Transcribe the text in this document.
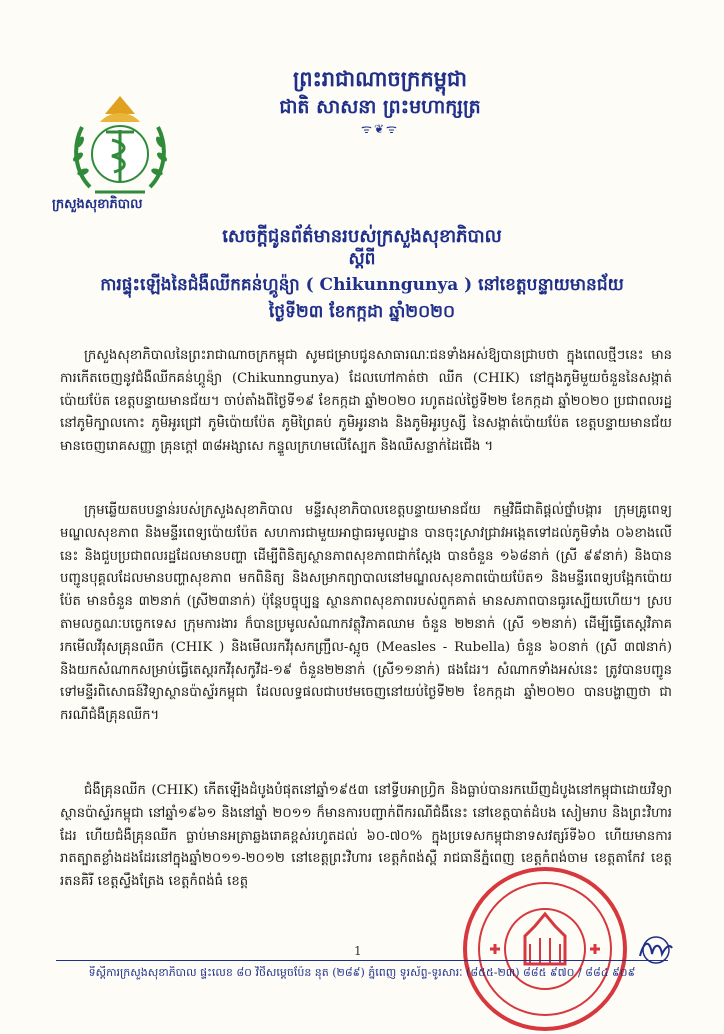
ព្រះរាជាណាចក្រកម្ពុជា
ជាតិ សាសនា ព្រះមហាក្សត្រ
ᯤ❦ᯤ
ក្រសួងសុខាភិបាល
សេចក្តីជូនព័ត៌មានរបស់ក្រសួងសុខាភិបាល
ស្តីពី
ការផ្ទុះឡើងនៃជំងឺឈីកគន់ហ្គូន៉្យា ( Chikunngunya ) នៅខេត្តបន្ទាយមានជ័យ
ថ្ងៃទី២៣ ខែកក្កដា ឆ្នាំ២០២០
ក្រសួងសុខាភិបាលនៃព្រះរាជាណាចក្រកម្ពុជា សូមជម្រាបជូនសាធារណៈជនទាំងអស់ឱ្យបានជ្រាបថា ក្នុងពេលថ្មីៗនេះ មានការកើតចេញនូវជំងឺឈីកគន់ហ្គូន៉្យា (Chikunngunya) ដែលហៅកាត់ថា ឈីក (CHIK) នៅក្នុងភូមិមួយចំនួននៃសង្កាត់ប៉ោយប៉ែត ខេត្តបន្ទាយមានជ័យ។ ចាប់តាំងពីថ្ងៃទី១៩ ខែកក្កដា ឆ្នាំ២០២០ រហូតដល់ថ្ងៃទី២២ ខែកក្កដា ឆ្នាំ២០២០ ប្រជាពលរដ្ឋនៅភូមិក្បាលកោះ ភូមិអូរជ្រៅ ភូមិប៉ោយប៉ែត ភូមិព្រៃគប់ ភូមិអូរនាង និងភូមិអូរឫស្សី នៃសង្កាត់ប៉ោយប៉ែត ខេត្តបន្ទាយមានជ័យ មានចេញរោគសញ្ញា គ្រុនក្តៅ ៣៨អង្សាសេ កន្ទួលក្រហមលើស្បែក និងឈឺសន្លាក់ដៃជើង ។
ក្រុមឆ្លើយតបបន្ទាន់របស់ក្រសួងសុខាភិបាល មន្ទីរសុខាភិបាលខេត្តបន្ទាយមានជ័យ កម្មវិធីជាតិផ្តល់ថ្នាំបង្ការ ក្រុមគ្រូពេទ្យមណ្ឌលសុខភាព និងមន្ទីរពេទ្យប៉ោយប៉ែត សហការជាមួយអាជ្ញាធរមូលដ្ឋាន បានចុះស្រាវជ្រាវអង្កេតទៅដល់ភូមិទាំង ០៦ខាងលើនេះ និងជួបប្រជាពលរដ្ឋដែលមានបញ្ហា ដើម្បីពិនិត្យស្ថានភាពសុខភាពជាក់ស្តែង បានចំនួន ១៦៨នាក់ (ស្រី ៩៩នាក់) និងបានបញ្ជូនបុគ្គលដែលមានបញ្ហាសុខភាព មកពិនិត្យ និងសម្រាកព្យាបាលនៅមណ្ឌលសុខភាពប៉ោយប៉ែត១ និងមន្ទីរពេទ្យបង្អែកប៉ោយប៉ែត មានចំនួន ៣២នាក់ (ស្រី២៣នាក់) ប៉ុន្តែបច្ចុប្បន្ន ស្ថានភាពសុខភាពរបស់ពួកគាត់ មានសភាពបានធូរស្បើយហើយ។ ស្របតាមលក្ខណៈបច្ចេកទេស ក្រុមការងារ ក៏បានប្រមូលសំណាកវត្ថុវិភាគឈាម ចំនួន ២២នាក់ (ស្រី ១២នាក់) ដើម្បីធ្វើតេស្តវិភាគរកមើលវីរុសគ្រុនឈីក (CHIK ) និងមើលរកវីរុសកញ្ជ្រឹល-ស្អូច (Measles - Rubella) ចំនួន ៦០នាក់ (ស្រី ៣៧នាក់) និងយកសំណាកសម្រាប់ធ្វើតេស្តរកវីរុសកូវីដ-១៩ ចំនួន២២នាក់ (ស្រី១១នាក់) ផងដែរ។ សំណាកទាំងអស់នេះ ត្រូវបានបញ្ជូនទៅមន្ទីរពិសោធន៍វិទ្យាស្ថានប៉ាស្ទ័រកម្ពុជា ដែលលទ្ធផលជាបឋមចេញនៅយប់ថ្ងៃទី២២ ខែកក្កដា ឆ្នាំ២០២០ បានបង្ហាញថា ជាករណីជំងឺគ្រុនឈីក។
ជំងឺគ្រុនឈីក (CHIK) កើតឡើងដំបូងបំផុតនៅឆ្នាំ១៩៥៣ នៅទ្វីបអាហ្វ្រិក និងធ្លាប់បានរកឃើញដំបូងនៅកម្ពុជាដោយវិទ្យាស្ថានប៉ាស្ទ័រកម្ពុជា នៅឆ្នាំ១៩៦១ និងនៅឆ្នាំ ២០១១ ក៏មានការបញ្ជាក់ពីករណីជំងឺនេះ នៅខេត្តបាត់ដំបង សៀមរាប និងព្រះវិហារដែរ ហើយជំងឺគ្រុនឈីក ធ្លាប់មានអត្រាឆ្លងរោគខ្ពស់រហូតដល់ ៦០-៧០% ក្នុងប្រទេសកម្ពុជានាទសវត្សរ៍ទី៦០ ហើយមានការរាតត្បាតខ្លាំងដងដែរនៅក្នុងឆ្នាំ២០១១-២០១២ នៅខេត្តព្រះវិហារ ខេត្តកំពង់ស្ពឺ រាជធានីភ្នំពេញ ខេត្តកំពង់ចាម ខេត្តតាកែវ ខេត្តរតនគិរី ខេត្តស្ទឹងត្រែង ខេត្តកំពង់ធំ ខេត្ត
1
ទីស្តីការក្រសួងសុខាភិបាល ផ្ទះលេខ ៨០ វិថីសម្តេចប៉ែន នុត (២៨៩) ភ្នំពេញ ទូរស័ព្ទ-ទូរសារៈ (៨៥៥-២៣) ៨៨៥ ៩៧០ / ៨៨៤ ៩០៩
